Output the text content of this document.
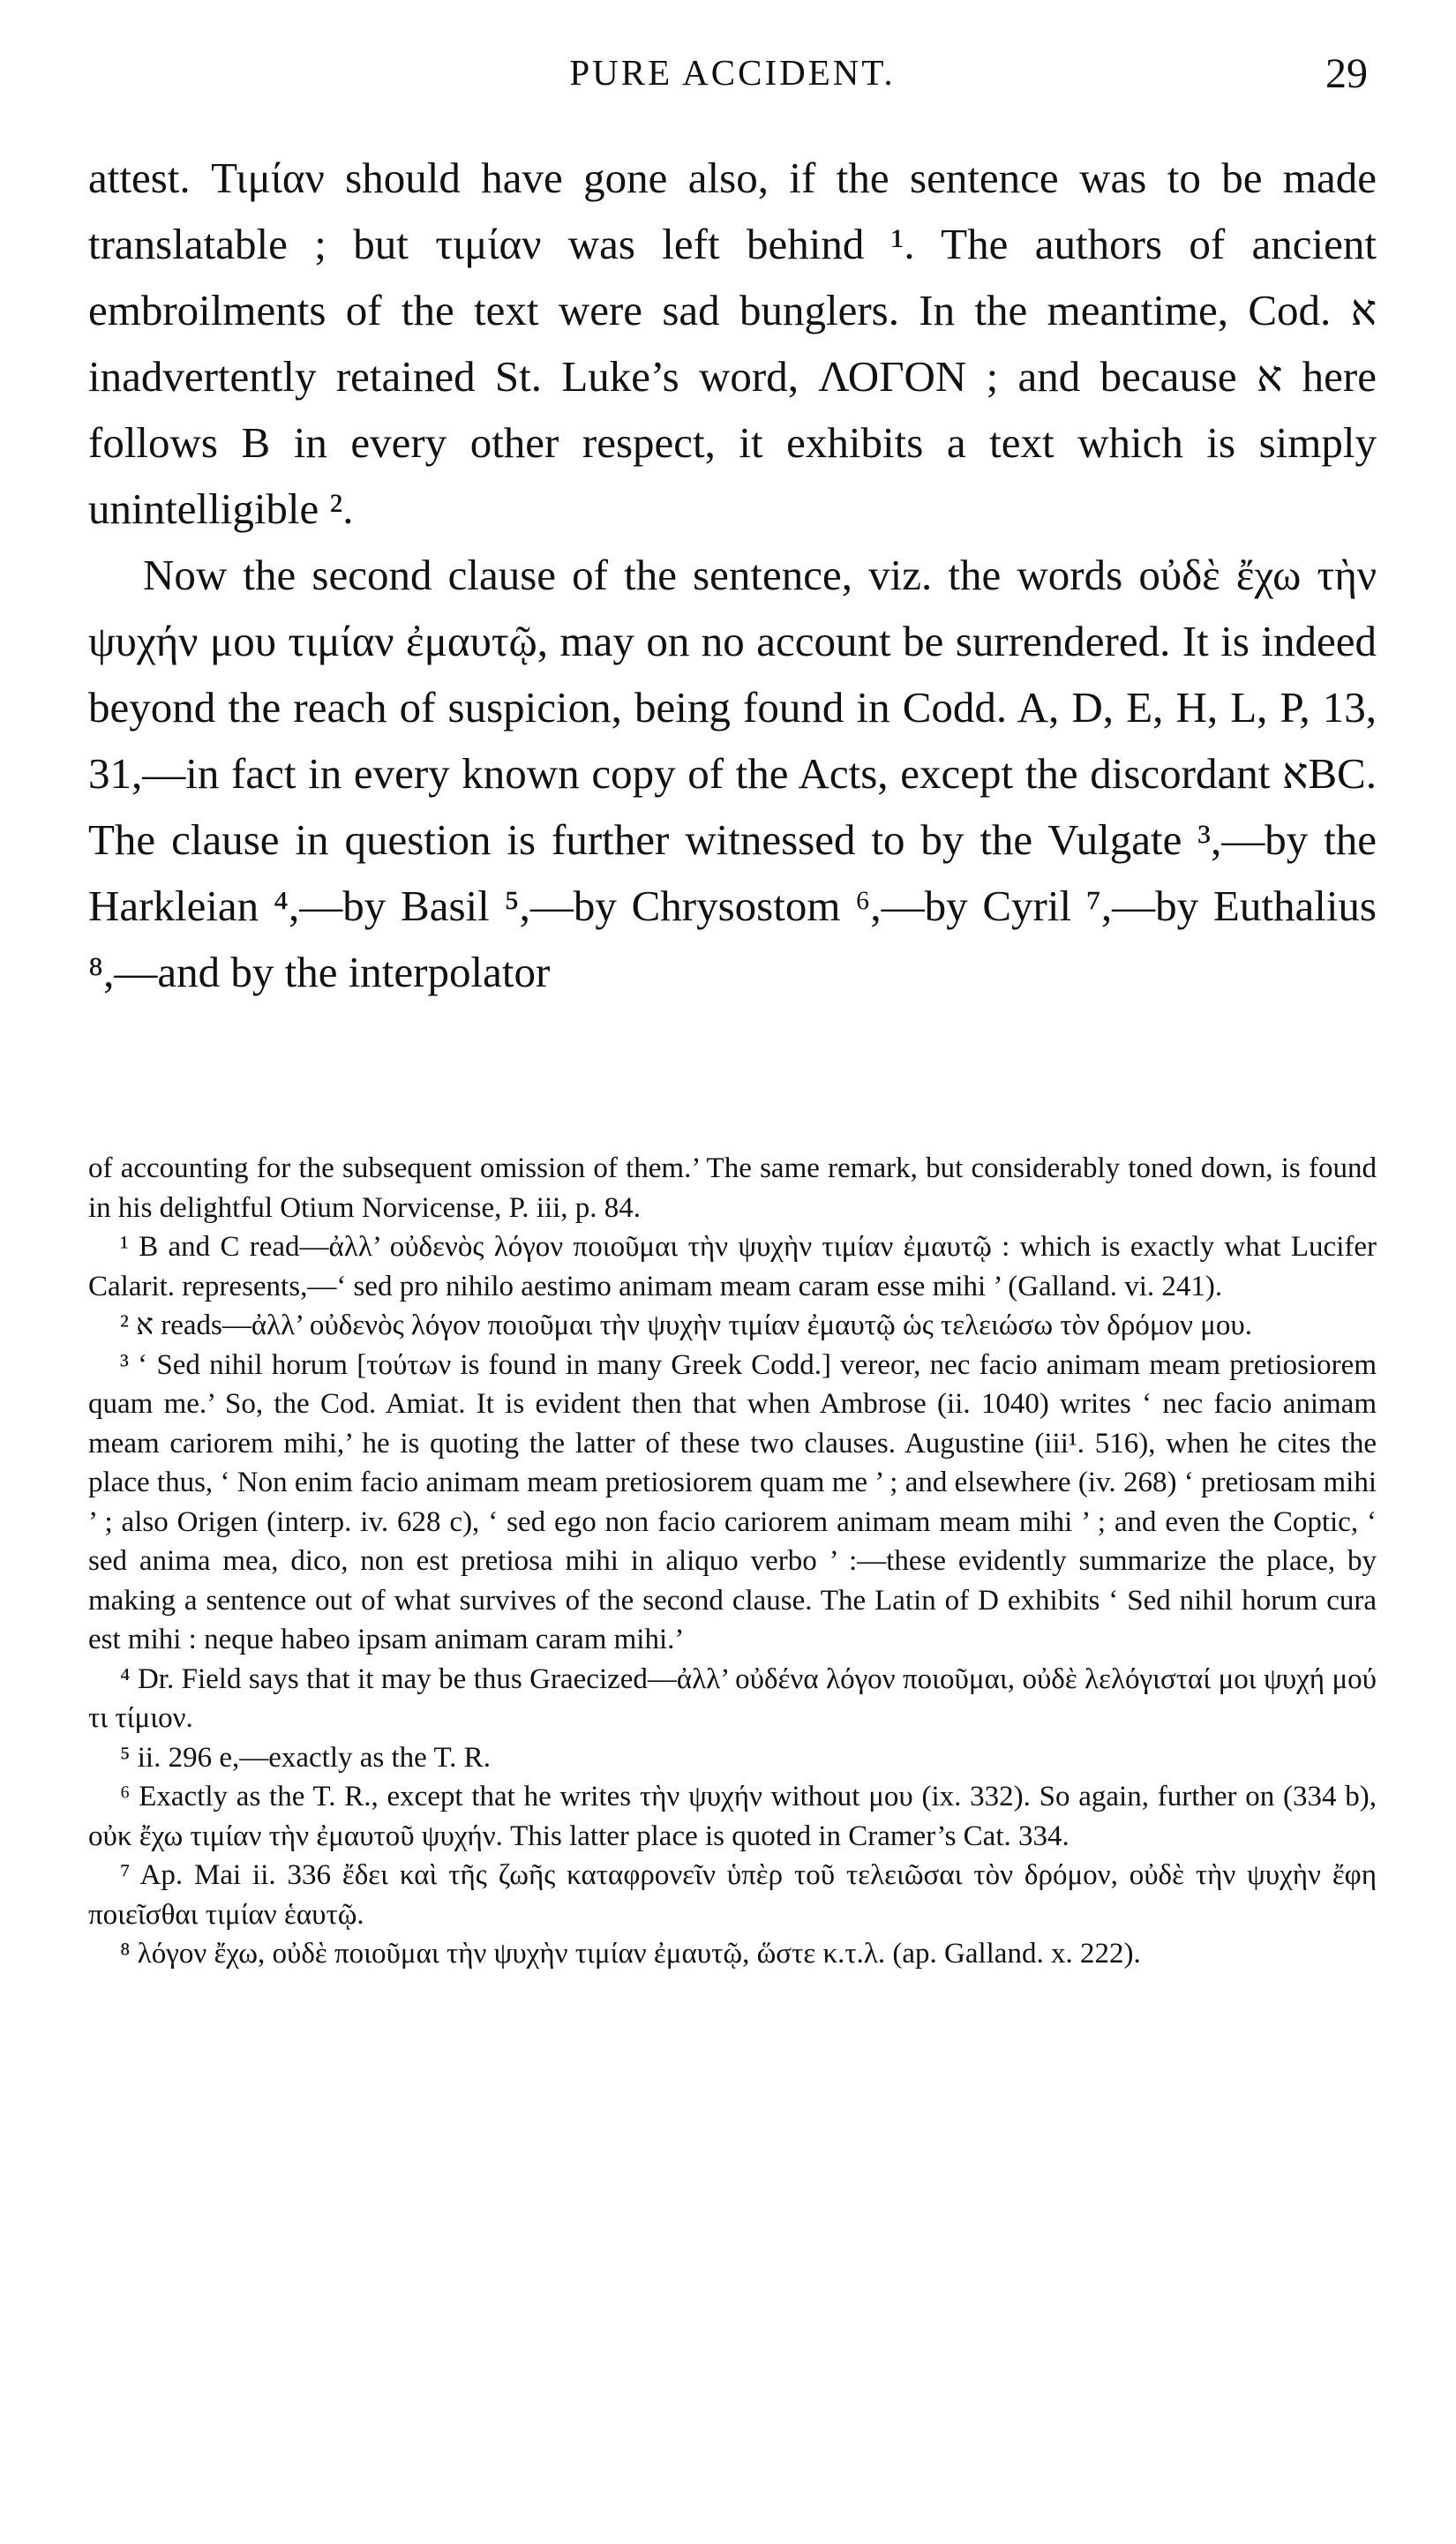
PURE ACCIDENT.	29

attest. Τιμίαν should have gone also, if the sentence was to be made translatable ; but τιμίαν was left behind ¹. The authors of ancient embroilments of the text were sad bunglers. In the meantime, Cod. א inadvertently retained St. Luke’s word, ΛΟΓΟΝ ; and because א here follows B in every other respect, it exhibits a text which is simply unintelligible ².

Now the second clause of the sentence, viz. the words οὐδὲ ἔχω τὴν ψυχήν μου τιμίαν ἐμαυτῷ, may on no account be surrendered. It is indeed beyond the reach of suspicion, being found in Codd. A, D, E, H, L, P, 13, 31,—in fact in every known copy of the Acts, except the discordant אBC. The clause in question is further witnessed to by the Vulgate ³,—by the Harkleian ⁴,—by Basil ⁵,—by Chrysostom ⁶,—by Cyril ⁷,—by Euthalius ⁸,—and by the interpolator

of accounting for the subsequent omission of them.’ The same remark, but considerably toned down, is found in his delightful Otium Norvicense, P. iii, p. 84.

¹ B and C read—ἀλλ’ οὐδενὸς λόγον ποιοῦμαι τὴν ψυχὴν τιμίαν ἐμαυτῷ : which is exactly what Lucifer Calarit. represents,—‘ sed pro nihilo aestimo animam meam caram esse mihi ’ (Galland. vi. 241).

² א reads—ἀλλ’ οὐδενὸς λόγον ποιοῦμαι τὴν ψυχὴν τιμίαν ἐμαυτῷ ὡς τελειώσω τὸν δρόμον μου.

³ ‘ Sed nihil horum [τούτων is found in many Greek Codd.] vereor, nec facio animam meam pretiosiorem quam me.’ So, the Cod. Amiat. It is evident then that when Ambrose (ii. 1040) writes ‘ nec facio animam meam cariorem mihi,’ he is quoting the latter of these two clauses. Augustine (iii¹. 516), when he cites the place thus, ‘ Non enim facio animam meam pretiosiorem quam me ’ ; and elsewhere (iv. 268) ‘ pretiosam mihi ’ ; also Origen (interp. iv. 628 c), ‘ sed ego non facio cariorem animam meam mihi ’ ; and even the Coptic, ‘ sed anima mea, dico, non est pretiosa mihi in aliquo verbo ’ :—these evidently summarize the place, by making a sentence out of what survives of the second clause. The Latin of D exhibits ‘ Sed nihil horum cura est mihi : neque habeo ipsam animam caram mihi.’

⁴ Dr. Field says that it may be thus Graecized—ἀλλ’ οὐδένα λόγον ποιοῦμαι, οὐδὲ λελόγισταί μοι ψυχή μού τι τίμιον.

⁵ ii. 296 e,—exactly as the T. R.

⁶ Exactly as the T. R., except that he writes τὴν ψυχήν without μου (ix. 332). So again, further on (334 b), οὐκ ἔχω τιμίαν τὴν ἐμαυτοῦ ψυχήν. This latter place is quoted in Cramer’s Cat. 334.

⁷ Ap. Mai ii. 336 ἔδει καὶ τῆς ζωῆς καταφρονεῖν ὑπὲρ τοῦ τελειῶσαι τὸν δρόμον, οὐδὲ τὴν ψυχὴν ἔφη ποιεῖσθαι τιμίαν ἑαυτῷ.

⁸ λόγον ἔχω, οὐδὲ ποιοῦμαι τὴν ψυχὴν τιμίαν ἐμαυτῷ, ὥστε κ.τ.λ. (ap. Galland. x. 222).
